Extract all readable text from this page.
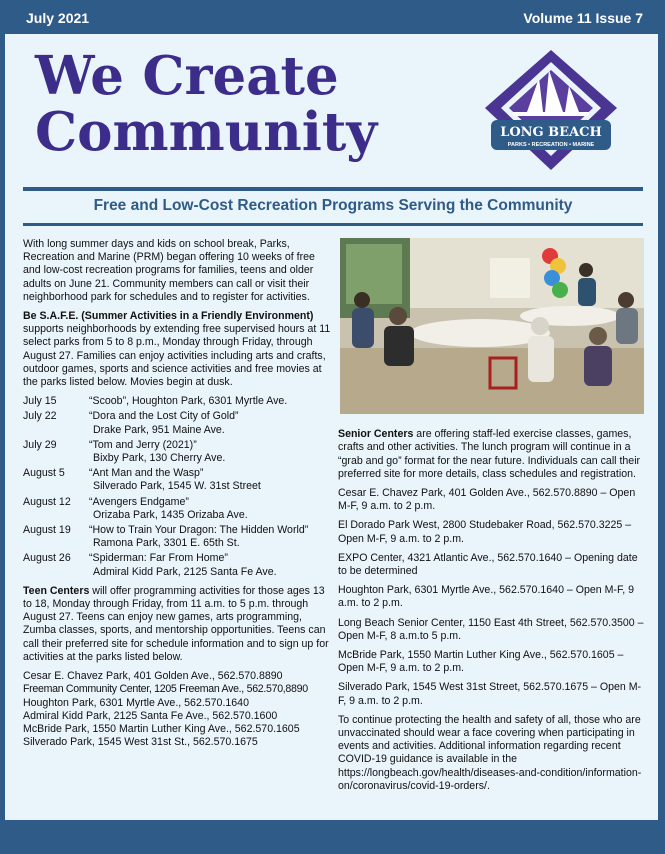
July 2021	Volume 11 Issue 7
We Create
Community	LONG BEACH
PARKS • RECREATION • MARINE
Free and Low-Cost Recreation Programs Serving the Community

With long summer days and kids on school break, Parks, Recreation and Marine (PRM) began offering 10 weeks of free and low-cost recreation programs for families, teens and older adults on June 21. Community members can call or visit their neighborhood park for schedules and to register for activities.

Be S.A.F.E. (Summer Activities in a Friendly Environment) supports neighborhoods by extending free supervised hours at 11 select parks from 5 to 8 p.m., Monday through Friday, through August 27. Families can enjoy activities including arts and crafts, outdoor games, sports and science activities and free movies at the parks listed below. Movies begin at dusk.

July 15	“Scoob”, Houghton Park, 6301 Myrtle Ave.
July 22	“Dora and the Lost City of Gold”
Drake Park, 951 Maine Ave.
July 29	“Tom and Jerry (2021)”
Bixby Park, 130 Cherry Ave.
August 5	“Ant Man and the Wasp”
Silverado Park, 1545 W. 31st Street
August 12	“Avengers Endgame”
Orizaba Park, 1435 Orizaba Ave.
August 19	“How to Train Your Dragon: The Hidden World”
Ramona Park, 3301 E. 65th St.
August 26	“Spiderman: Far From Home”
Admiral Kidd Park, 2125 Santa Fe Ave.

Teen Centers will offer programming activities for those ages 13 to 18, Monday through Friday, from 11 a.m. to 5 p.m. through August 27. Teens can enjoy new games, arts programming, Zumba classes, sports, and mentorship opportunities. Teens can call their preferred site for schedule information and to sign up for activities at the parks listed below.

Cesar E. Chavez Park, 401 Golden Ave., 562.570.8890
Freeman Community Center, 1205 Freeman Ave., 562.570,8890
Houghton Park, 6301 Myrtle Ave., 562.570.1640
Admiral Kidd Park, 2125 Santa Fe Ave., 562.570.1600
McBride Park, 1550 Martin Luther King Ave., 562.570.1605
Silverado Park, 1545 West 31st St., 562.570.1675

Senior Centers are offering staff-led exercise classes, games, crafts and other activities. The lunch program will continue in a “grab and go” format for the near future. Individuals can call their preferred site for more details, class schedules and registration.

Cesar E. Chavez Park, 401 Golden Ave., 562.570.8890 – Open M-F, 9 a.m. to 2 p.m.
El Dorado Park West, 2800 Studebaker Road, 562.570.3225 – Open M-F, 9 a.m. to 2 p.m.
EXPO Center, 4321 Atlantic Ave., 562.570.1640 – Opening date to be determined
Houghton Park, 6301 Myrtle Ave., 562.570.1640 – Open M-F, 9 a.m. to 2 p.m.
Long Beach Senior Center, 1150 East 4th Street, 562.570.3500 – Open M-F, 8 a.m.to 5 p.m.
McBride Park, 1550 Martin Luther King Ave., 562.570.1605 – Open M-F, 9 a.m. to 2 p.m.
Silverado Park, 1545 West 31st Street, 562.570.1675 – Open M-F, 9 a.m. to 2 p.m.

To continue protecting the health and safety of all, those who are unvaccinated should wear a face covering when participating in events and activities. Additional information regarding recent COVID-19 guidance is available in the https://longbeach.gov/health/diseases-and-condition/information-on/coronavirus/covid-19-orders/.
